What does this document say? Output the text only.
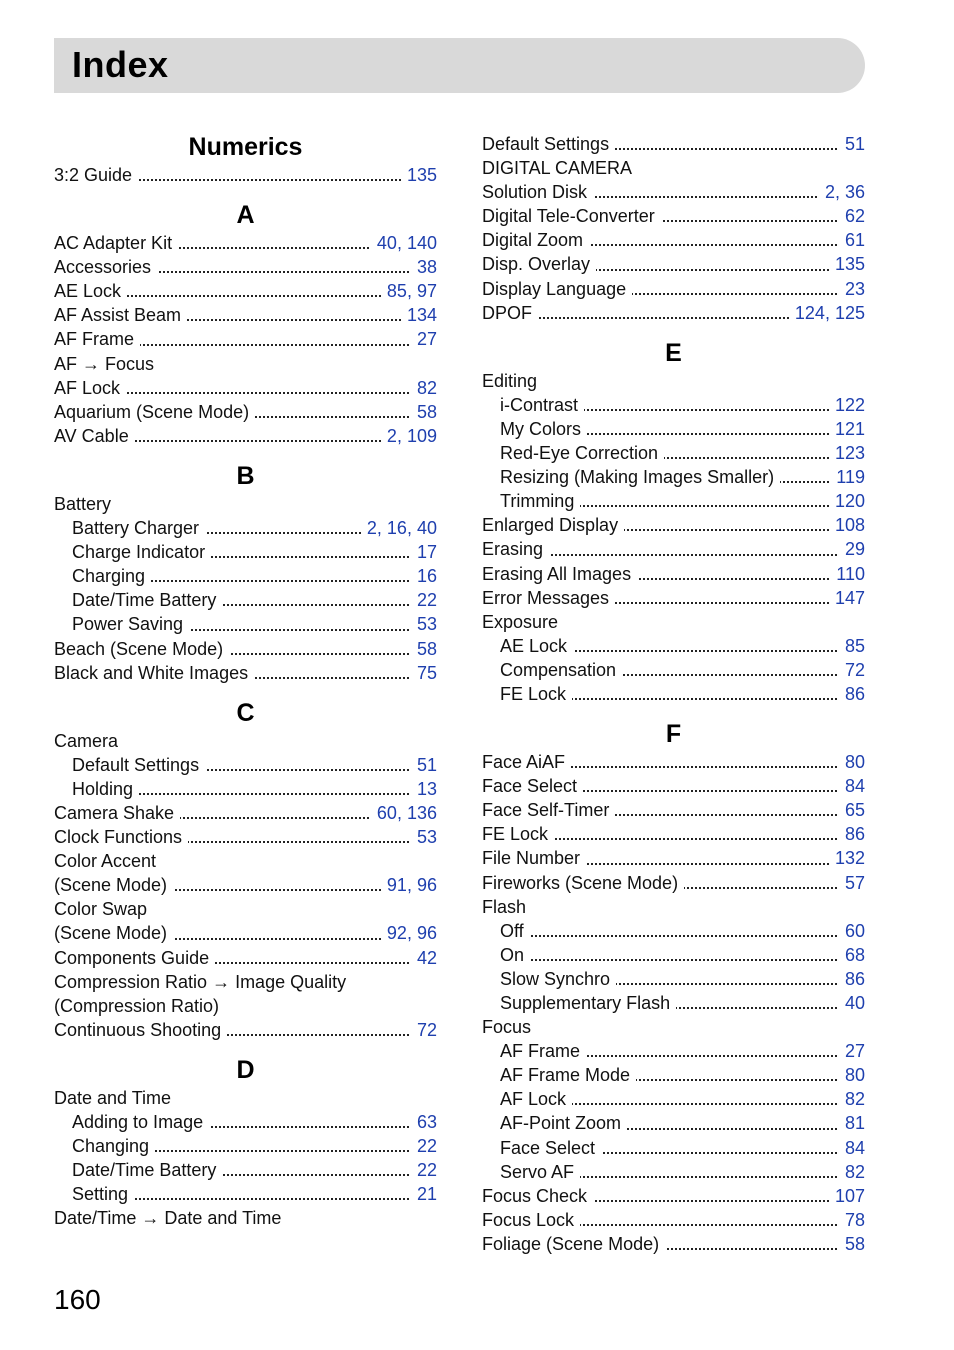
Index
Numerics
3:2 Guide	135
A
AC Adapter Kit	40, 140
Accessories	38
AE Lock	85, 97
AF Assist Beam	134
AF Frame	27
AF → Focus
AF Lock	82
Aquarium (Scene Mode)	58
AV Cable	2, 109
B
Battery
Battery Charger	2, 16, 40
Charge Indicator	17
Charging	16
Date/Time Battery	22
Power Saving	53
Beach (Scene Mode)	58
Black and White Images	75
C
Camera
Default Settings	51
Holding	13
Camera Shake	60, 136
Clock Functions	53
Color Accent
(Scene Mode)	91, 96
Color Swap
(Scene Mode)	92, 96
Components Guide	42
Compression Ratio → Image Quality
(Compression Ratio)
Continuous Shooting	72
D
Date and Time
Adding to Image	63
Changing	22
Date/Time Battery	22
Setting	21
Date/Time → Date and Time
Default Settings	51
DIGITAL CAMERA
Solution Disk	2, 36
Digital Tele-Converter	62
Digital Zoom	61
Disp. Overlay	135
Display Language	23
DPOF	124, 125
E
Editing
i-Contrast	122
My Colors	121
Red-Eye Correction	123
Resizing (Making Images Smaller)	119
Trimming	120
Enlarged Display	108
Erasing	29
Erasing All Images	110
Error Messages	147
Exposure
AE Lock	85
Compensation	72
FE Lock	86
F
Face AiAF	80
Face Select	84
Face Self-Timer	65
FE Lock	86
File Number	132
Fireworks (Scene Mode)	57
Flash
Off	60
On	68
Slow Synchro	86
Supplementary Flash	40
Focus
AF Frame	27
AF Frame Mode	80
AF Lock	82
AF-Point Zoom	81
Face Select	84
Servo AF	82
Focus Check	107
Focus Lock	78
Foliage (Scene Mode)	58
160
